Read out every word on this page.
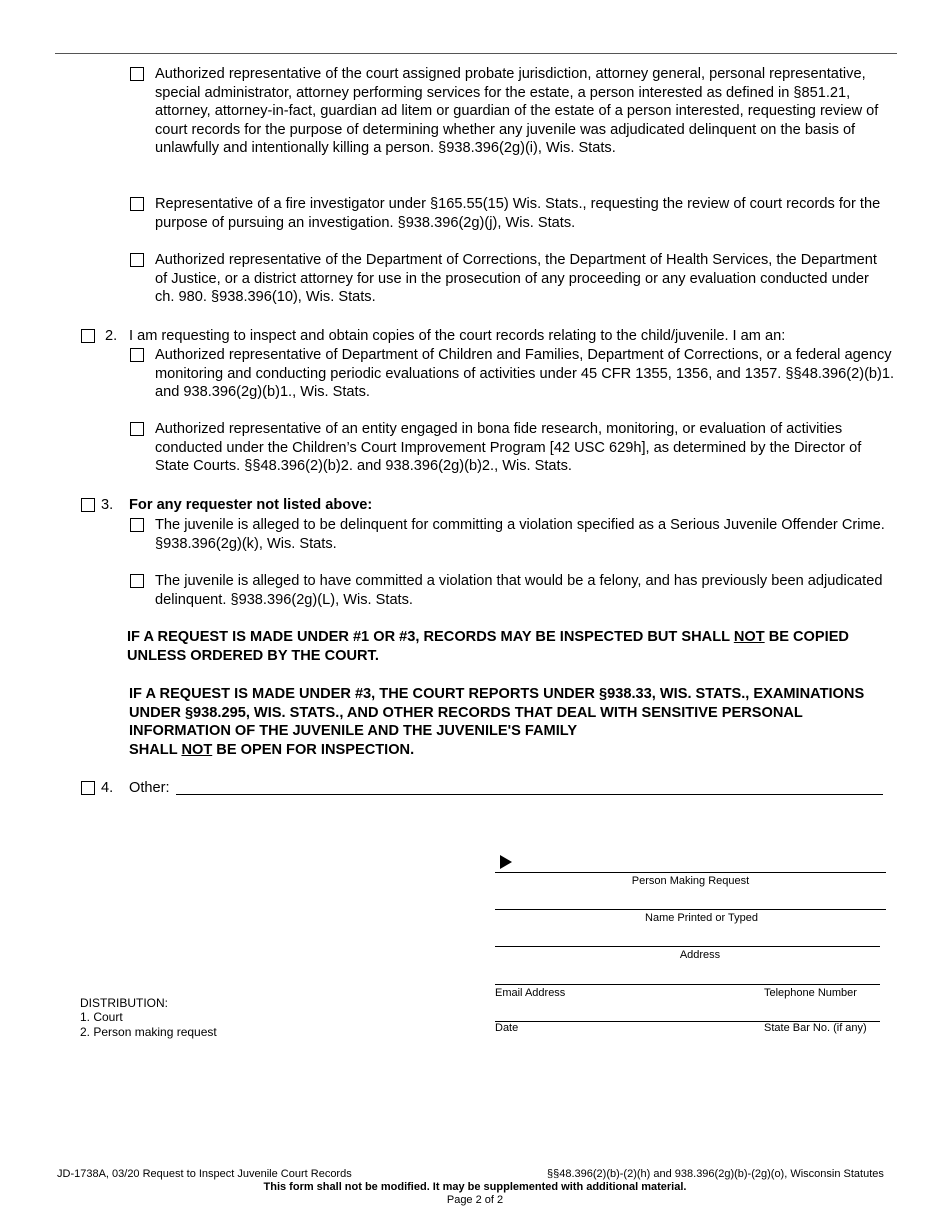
Authorized representative of the court assigned probate jurisdiction, attorney general, personal representative, special administrator, attorney performing services for the estate, a person interested as defined in §851.21, attorney, attorney-in-fact, guardian ad litem or guardian of the estate of a person interested, requesting review of court records for the purpose of determining whether any juvenile was adjudicated delinquent on the basis of unlawfully and intentionally killing a person. §938.396(2g)(i), Wis. Stats.
Representative of a fire investigator under §165.55(15) Wis. Stats., requesting the review of court records for the purpose of pursuing an investigation. §938.396(2g)(j), Wis. Stats.
Authorized representative of the Department of Corrections, the Department of Health Services, the Department of Justice, or a district attorney for use in the prosecution of any proceeding or any evaluation conducted under ch. 980. §938.396(10), Wis. Stats.
2. I am requesting to inspect and obtain copies of the court records relating to the child/juvenile. I am an:
Authorized representative of Department of Children and Families, Department of Corrections, or a federal agency monitoring and conducting periodic evaluations of activities under 45 CFR 1355, 1356, and 1357. §§48.396(2)(b)1. and 938.396(2g)(b)1., Wis. Stats.
Authorized representative of an entity engaged in bona fide research, monitoring, or evaluation of activities conducted under the Children’s Court Improvement Program [42 USC 629h], as determined by the Director of State Courts. §§48.396(2)(b)2. and 938.396(2g)(b)2., Wis. Stats.
3. For any requester not listed above:
The juvenile is alleged to be delinquent for committing a violation specified as a Serious Juvenile Offender Crime. §938.396(2g)(k), Wis. Stats.
The juvenile is alleged to have committed a violation that would be a felony, and has previously been adjudicated delinquent. §938.396(2g)(L), Wis. Stats.
IF A REQUEST IS MADE UNDER #1 OR #3, RECORDS MAY BE INSPECTED BUT SHALL NOT BE COPIED UNLESS ORDERED BY THE COURT.
IF A REQUEST IS MADE UNDER #3, THE COURT REPORTS UNDER §938.33, WIS. STATS., EXAMINATIONS UNDER §938.295, WIS. STATS., AND OTHER RECORDS THAT DEAL WITH SENSITIVE PERSONAL INFORMATION OF THE JUVENILE AND THE JUVENILE'S FAMILY
SHALL NOT BE OPEN FOR INSPECTION.
4. Other:
Person Making Request
Name Printed or Typed
Address
Email Address	Telephone Number
Date	State Bar No. (if any)
DISTRIBUTION:
1. Court
2. Person making request
JD-1738A, 03/20 Request to Inspect Juvenile Court Records	§§48.396(2)(b)-(2)(h) and 938.396(2g)(b)-(2g)(o), Wisconsin Statutes
This form shall not be modified. It may be supplemented with additional material.
Page 2 of 2
